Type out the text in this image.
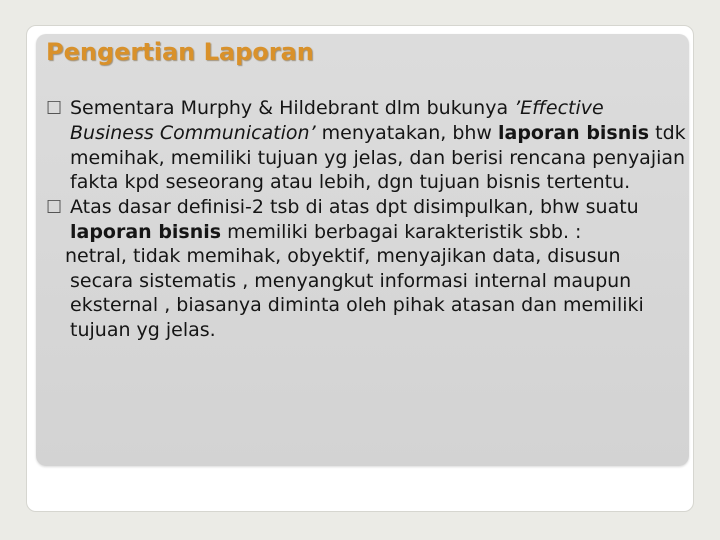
Pengertian Laporan

☐ Sementara Murphy & Hildebrant dlm bukunya ’Effective Business Communication’ menyatakan, bhw laporan bisnis tdk memihak, memiliki tujuan yg jelas, dan berisi rencana penyajian fakta kpd seseorang atau lebih, dgn tujuan bisnis tertentu.

☐ Atas dasar definisi-2 tsb di atas dpt disimpulkan, bhw suatu laporan bisnis memiliki berbagai karakteristik sbb. :

netral, tidak memihak, obyektif, menyajikan data, disusun secara sistematis , menyangkut informasi internal maupun eksternal , biasanya diminta oleh pihak atasan dan memiliki tujuan yg jelas.
